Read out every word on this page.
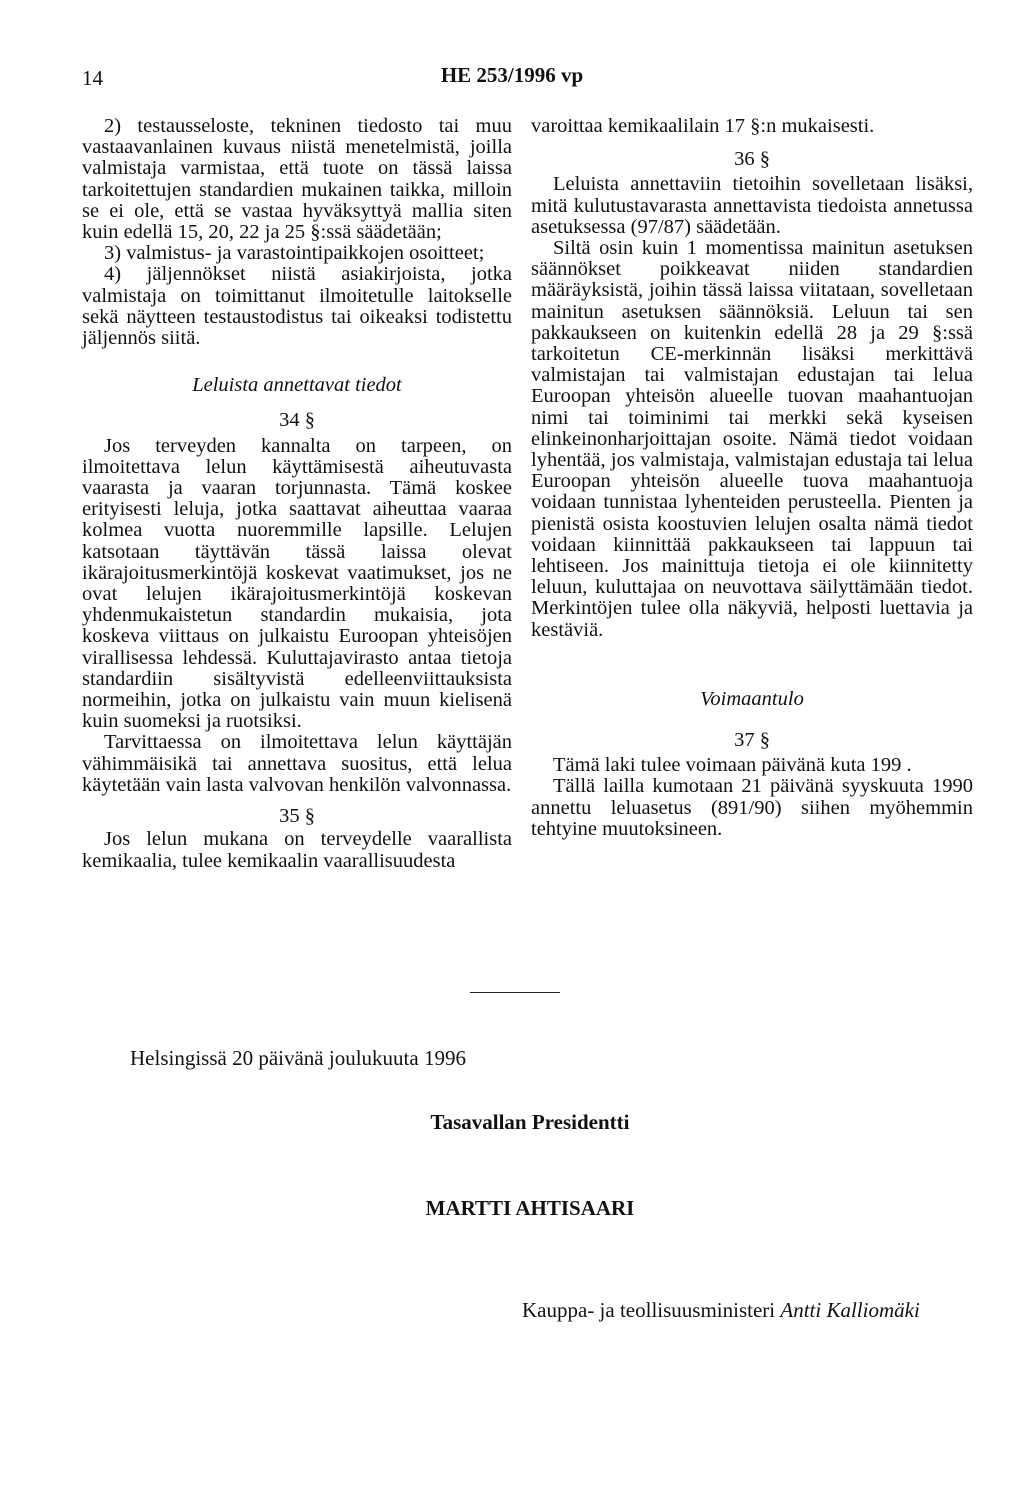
14	HE 253/1996 vp

2) testausseloste, tekninen tiedosto tai muu vastaavanlainen kuvaus niistä menetelmistä, joilla valmistaja varmistaa, että tuote on tässä laissa tarkoitettujen standardien mukainen taikka, milloin se ei ole, että se vastaa hyväksyttyä mallia siten kuin edellä 15, 20, 22 ja 25 §:ssä säädetään;

3) valmistus- ja varastointipaikkojen osoitteet;

4) jäljennökset niistä asiakirjoista, jotka valmistaja on toimittanut ilmoitetulle laitokselle sekä näytteen testaustodistus tai oikeaksi todistettu jäljennös siitä.

Leluista annettavat tiedot
34 §

Jos terveyden kannalta on tarpeen, on ilmoitettava lelun käyttämisestä aiheutuvasta vaarasta ja vaaran torjunnasta. Tämä koskee erityisesti leluja, jotka saattavat aiheuttaa vaaraa kolmea vuotta nuoremmille lapsille. Lelujen katsotaan täyttävän tässä laissa olevat ikärajoitusmerkintöjä koskevat vaatimukset, jos ne ovat lelujen ikärajoitusmerkintöjä koskevan yhdenmukaistetun standardin mukaisia, jota koskeva viittaus on julkaistu Euroopan yhteisöjen virallisessa lehdessä. Kuluttajavirasto antaa tietoja standardiin sisältyvistä edelleenviittauksista normeihin, jotka on julkaistu vain muun kielisenä kuin suomeksi ja ruotsiksi.

Tarvittaessa on ilmoitettava lelun käyttäjän vähimmäisikä tai annettava suositus, että lelua käytetään vain lasta valvovan henkilön valvonnassa.

35 §

Jos lelun mukana on terveydelle vaarallista kemikaalia, tulee kemikaalin vaarallisuudesta

varoittaa kemikaalilain 17 §:n mukaisesti.

36 §

Leluista annettaviin tietoihin sovelletaan lisäksi, mitä kulutustavarasta annettavista tiedoista annetussa asetuksessa (97/87) säädetään.

Siltä osin kuin 1 momentissa mainitun asetuksen säännökset poikkeavat niiden standardien määräyksistä, joihin tässä laissa viitataan, sovelletaan mainitun asetuksen säännöksiä. Leluun tai sen pakkaukseen on kuitenkin edellä 28 ja 29 §:ssä tarkoitetun CE-merkinnän lisäksi merkittävä valmistajan tai valmistajan edustajan tai lelua Euroopan yhteisön alueelle tuovan maahantuojan nimi tai toiminimi tai merkki sekä kyseisen elinkeinonharjoittajan osoite. Nämä tiedot voidaan lyhentää, jos valmistaja, valmistajan edustaja tai lelua Euroopan yhteisön alueelle tuova maahantuoja voidaan tunnistaa lyhenteiden perusteella. Pienten ja pienistä osista koostuvien lelujen osalta nämä tiedot voidaan kiinnittää pakkaukseen tai lappuun tai lehtiseen. Jos mainittuja tietoja ei ole kiinnitetty leluun, kuluttajaa on neuvottava säilyttämään tiedot. Merkintöjen tulee olla näkyviä, helposti luettavia ja kestäviä.

Voimaantulo
37 §

Tämä laki tulee voimaan päivänä kuta 199 .

Tällä lailla kumotaan 21 päivänä syyskuuta 1990 annettu leluasetus (891/90) siihen myöhemmin tehtyine muutoksineen.

Helsingissä 20 päivänä joulukuuta 1996
Tasavallan Presidentti
MARTTI AHTISAARI
Kauppa- ja teollisuusministeri Antti Kalliomäki
